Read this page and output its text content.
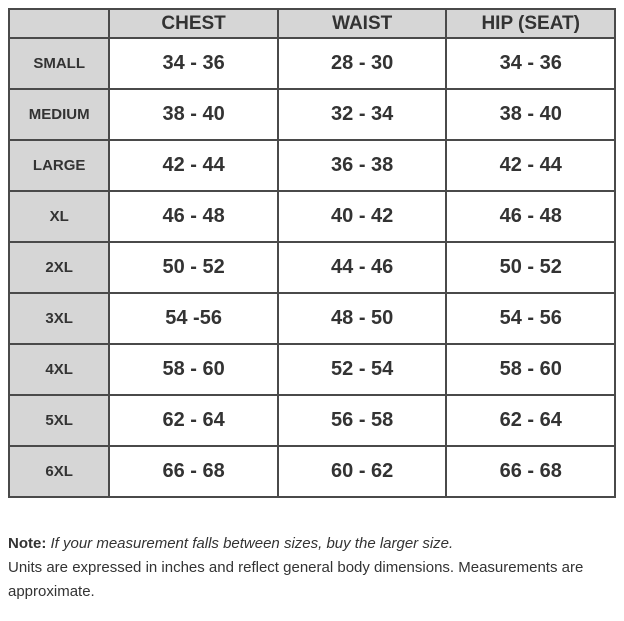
	CHEST	WAIST	HIP (SEAT)
SMALL	34 - 36	28 - 30	34 - 36
MEDIUM	38 - 40	32 - 34	38 - 40
LARGE	42 - 44	36 - 38	42 - 44
XL	46 - 48	40 - 42	46 - 48
2XL	50 - 52	44 - 46	50 - 52
3XL	54 -56	48 - 50	54 - 56
4XL	58 - 60	52 - 54	58 - 60
5XL	62 - 64	56 - 58	62 - 64
6XL	66 - 68	60 - 62	66 - 68

Note: If your measurement falls between sizes, buy the larger size.

Units are expressed in inches and reflect general body dimensions. Measurements are approximate.
